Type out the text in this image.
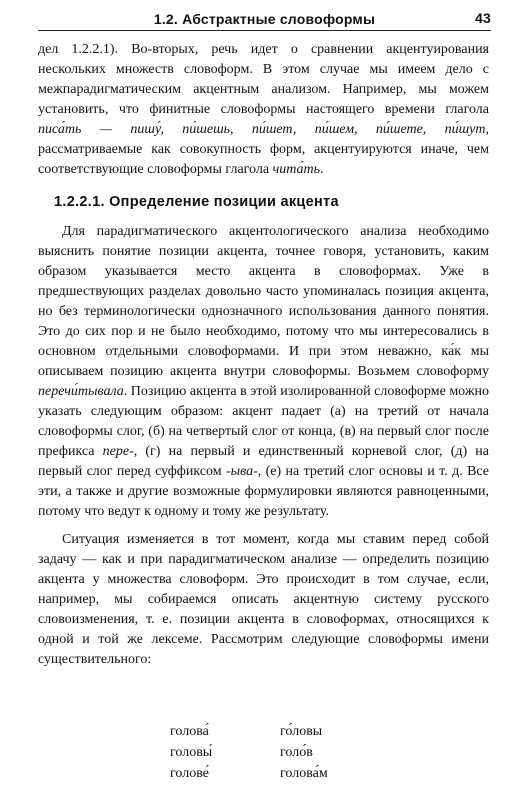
1.2. Абстрактные словоформы	43

дел 1.2.2.1). Во-вторых, речь идет о сравнении акцентуирования нескольких множеств словоформ. В этом случае мы имеем дело с межпарадигматическим акцентным анализом. Например, мы можем установить, что финитные словоформы настоящего времени глагола писа́ть — пишу́, пи́шешь, пи́шет, пи́шем, пи́шете, пи́шут, рассматриваемые как совокупность форм, акцентуируются иначе, чем соответствующие словоформы глагола чита́ть.

1.2.2.1. Определение позиции акцента

Для парадигматического акцентологического анализа необходимо выяснить понятие позиции акцента, точнее говоря, установить, каким образом указывается место акцента в словоформах. Уже в предшествующих разделах довольно часто упоминалась позиция акцента, но без терминологически однозначного использования данного понятия. Это до сих пор и не было необходимо, потому что мы интересовались в основном отдельными словоформами. И при этом неважно, ка́к мы описываем позицию акцента внутри словоформы. Возьмем словоформу перечи́тывала. Позицию акцента в этой изолированной словоформе можно указать следующим образом: акцент падает (а) на третий от начала словоформы слог, (б) на четвертый слог от конца, (в) на первый слог после префикса пере-, (г) на первый и единственный корневой слог, (д) на первый слог перед суффиксом -ыва-, (е) на третий слог основы и т. д. Все эти, а также и другие возможные формулировки являются равноценными, потому что ведут к одному и тому же результату.

Ситуация изменяется в тот момент, когда мы ставим перед собой задачу — как и при парадигматическом анализе — определить позицию акцента у множества словоформ. Это происходит в том случае, если, например, мы собираемся описать акцентную систему русского словоизменения, т. е. позиции акцента в словоформах, относящихся к одной и той же лексеме. Рассмотрим следующие словоформы имени существительного:

голова́	го́ловы
головы́	голо́в
голове́	голова́м
